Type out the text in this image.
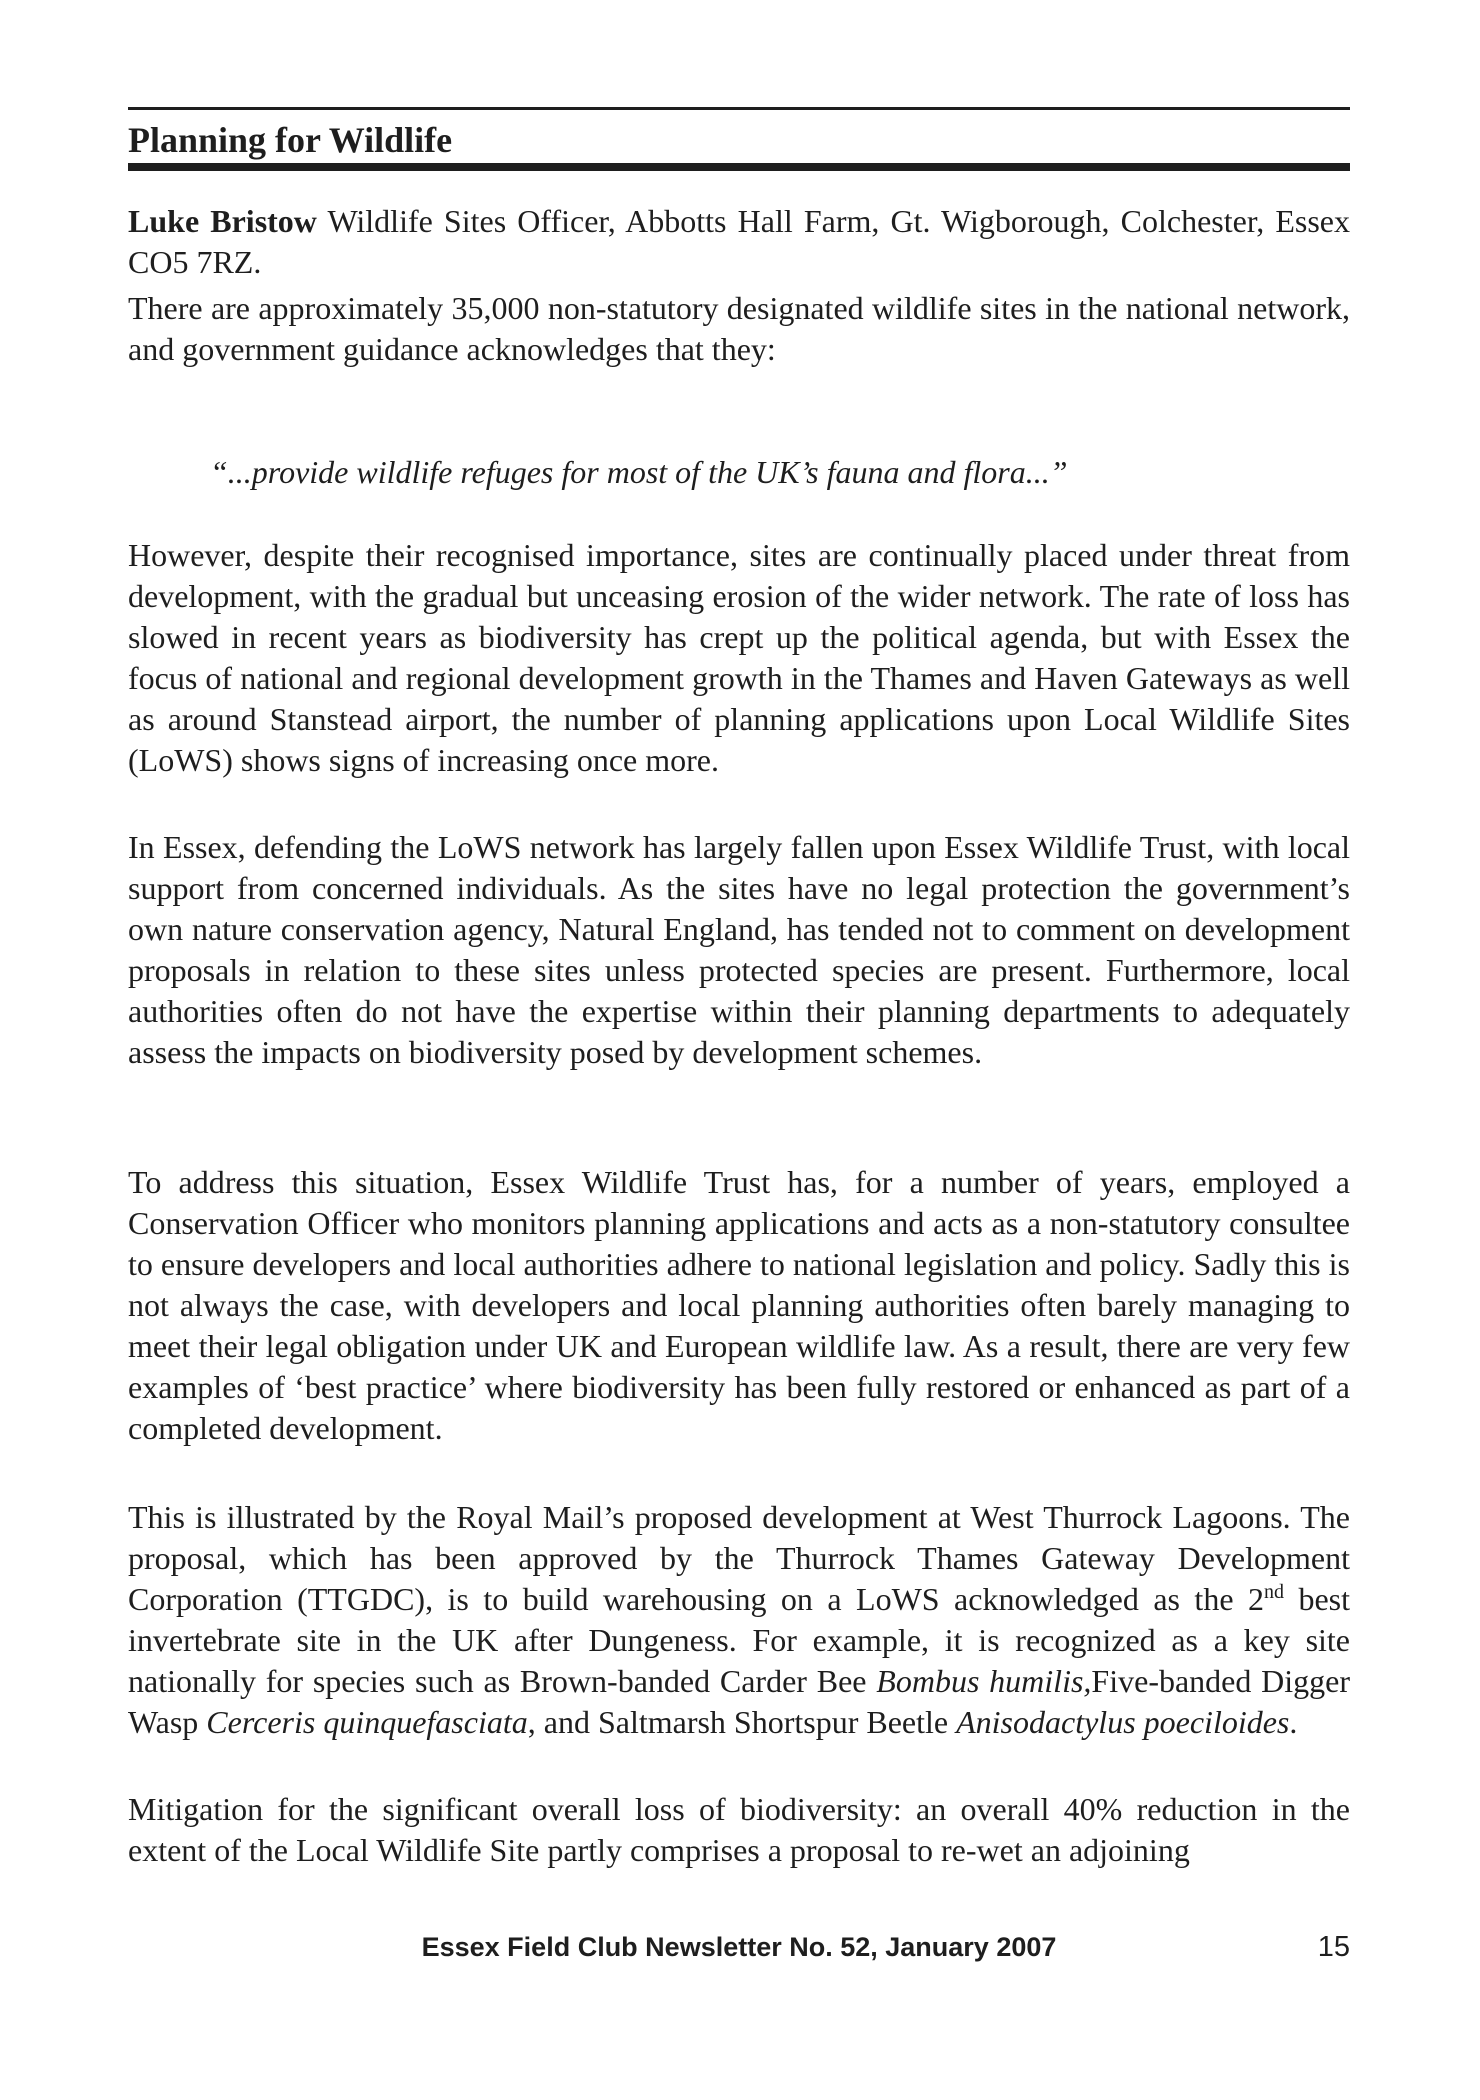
Planning for Wildlife

Luke Bristow Wildlife Sites Officer, Abbotts Hall Farm, Gt. Wigborough, Colchester, Essex CO5 7RZ.

There are approximately 35,000 non-statutory designated wildlife sites in the national network, and government guidance acknowledges that they:

“...provide wildlife refuges for most of the UK’s fauna and flora...”

However, despite their recognised importance, sites are continually placed under threat from development, with the gradual but unceasing erosion of the wider network. The rate of loss has slowed in recent years as biodiversity has crept up the political agenda, but with Essex the focus of national and regional development growth in the Thames and Haven Gateways as well as around Stanstead airport, the number of planning applications upon Local Wildlife Sites (LoWS) shows signs of increasing once more.

In Essex, defending the LoWS network has largely fallen upon Essex Wildlife Trust, with local support from concerned individuals. As the sites have no legal protection the government’s own nature conservation agency, Natural England, has tended not to comment on development proposals in relation to these sites unless protected species are present. Furthermore, local authorities often do not have the expertise within their planning departments to adequately assess the impacts on biodiversity posed by development schemes.

To address this situation, Essex Wildlife Trust has, for a number of years, employed a Conservation Officer who monitors planning applications and acts as a non-statutory consultee to ensure developers and local authorities adhere to national legislation and policy. Sadly this is not always the case, with developers and local planning authorities often barely managing to meet their legal obligation under UK and European wildlife law. As a result, there are very few examples of ‘best practice’ where biodiversity has been fully restored or enhanced as part of a completed development.

This is illustrated by the Royal Mail’s proposed development at West Thurrock Lagoons. The proposal, which has been approved by the Thurrock Thames Gateway Development Corporation (TTGDC), is to build warehousing on a LoWS acknowledged as the 2nd best invertebrate site in the UK after Dungeness. For example, it is recognized as a key site nationally for species such as Brown-banded Carder Bee Bombus humilis,Five-banded Digger Wasp Cerceris quinquefasciata, and Saltmarsh Shortspur Beetle Anisodactylus poeciloides.

Mitigation for the significant overall loss of biodiversity: an overall 40% reduction in the extent of the Local Wildlife Site partly comprises a proposal to re-wet an adjoining

Essex Field Club Newsletter No. 52, January 2007	15
